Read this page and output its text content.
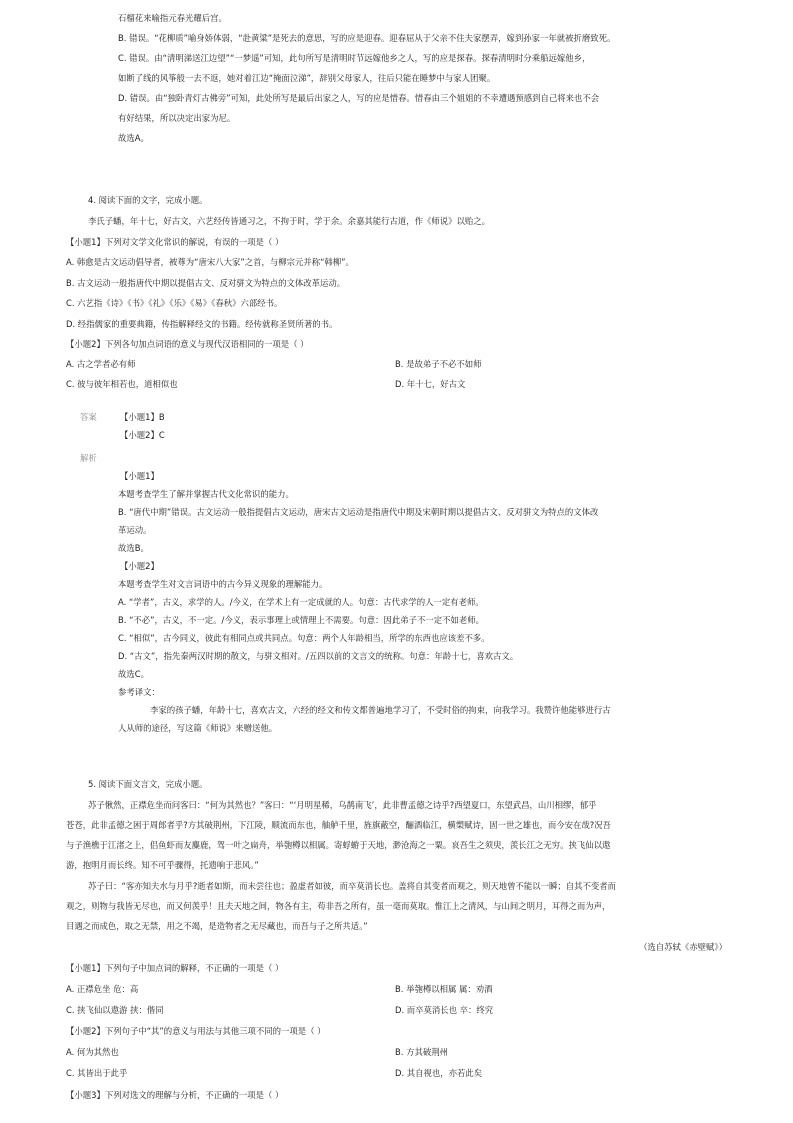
石榴花来喻指元春光耀后宫。
B. 错误。“花柳质”喻身娇体弱，“赴黄粱”是死去的意思，写的应是迎春。迎春屈从于父亲不住夫家摆弄，嫁到孙家一年就被折磨致死。
C. 错误。由“清明涕送江边望”“一梦遥”可知，此句所写是清明时节远嫁他乡之人，写的应是探春。探春清明时分乘船远嫁他乡，
如断了线的风筝般一去不返，她对着江边“掩面泣涕”，辞别父母家人，往后只能在睡梦中与家人团聚。
D. 错误。由“独卧青灯古佛旁”可知，此处所写是最后出家之人，写的应是惜春。惜春由三个姐姐的不幸遭遇预感到自己将来也不会
有好结果，所以决定出家为尼。
故选A。
4. 阅读下面的文字，完成小题。
李氏子蟠，年十七，好古文，六艺经传皆通习之，不拘于时，学于余。余嘉其能行古道，作《师说》以贻之。
【小题1】下列对文学文化常识的解说，有误的一项是（ ）
A. 韩愈是古文运动倡导者，被尊为“唐宋八大家”之首，与柳宗元并称“韩柳”。
B. 古文运动一般指唐代中期以提倡古文、反对骈文为特点的文体改革运动。
C. 六艺指《诗》《书》《礼》《乐》《易》《春秋》六部经书。
D. 经指儒家的重要典籍，传指解释经文的书籍。经传就称圣贤所著的书。
【小题2】下列各句加点词语的意义与现代汉语相同的一项是（ ）
A. 古之学者必有师	B. 是故弟子不必不如师
C. 彼与彼年相若也，道相似也	D. 年十七，好古文
答案	【小题1】B
【小题2】C
解析
【小题1】
本题考查学生了解并掌握古代文化常识的能力。
B. “唐代中期”错误。古文运动一般指提倡古文运动，唐宋古文运动是指唐代中期及宋朝时期以提倡古文、反对骈文为特点的文体改
革运动。
故选B。
【小题2】
本题考查学生对文言词语中的古今异义现象的理解能力。
A. “学者”，古义，求学的人。/今义，在学术上有一定成就的人。句意：古代求学的人一定有老师。
B. “不必”，古义，不一定。/今义，表示事理上或情理上不需要。句意：因此弟子不一定不如老师。
C. “相似”，古今同义，彼此有相同点或共同点。句意：两个人年龄相当，所学的东西也应该差不多。
D. “古文”，指先秦两汉时期的散文，与骈文相对。/五四以前的文言文的统称。句意：年龄十七，喜欢古文。
故选C。
参考译文：
李家的孩子蟠，年龄十七，喜欢古文，六经的经文和传文都普遍地学习了，不受时俗的拘束，向我学习。我赞许他能够进行古
人从师的途径，写这篇《师说》来赠送他。
5. 阅读下面文言文，完成小题。
苏子愀然，正襟危坐而问客曰：“何为其然也？”客曰：“‘月明星稀，乌鹊南飞’，此非曹孟德之诗乎?西望夏口，东望武昌，山川相缪，郁乎
苍苍，此非孟德之困于周郎者乎?方其破荆州，下江陵，顺流而东也，舳舻千里，旌旗蔽空，酾酒临江，横槊赋诗，固一世之雄也，而今安在哉?况吾
与子渔樵于江渚之上，侣鱼虾而友麋鹿，驾一叶之扁舟，举匏樽以相属。寄蜉蝣于天地，渺沧海之一粟。哀吾生之须臾，羡长江之无穷。挟飞仙以遨
游，抱明月而长终。知不可乎骤得，托遗响于悲风。”
苏子曰：“客亦知夫水与月乎?逝者如斯，而未尝往也；盈虚者如彼，而卒莫消长也。盖将自其变者而观之，则天地曾不能以一瞬；自其不变者而
观之，则物与我皆无尽也，而又何羡乎！且夫天地之间，物各有主，苟非吾之所有，虽一毫而莫取。惟江上之清风，与山间之明月，耳得之而为声，
目遇之而成色，取之无禁，用之不竭，是造物者之无尽藏也，而吾与子之所共适。”
（选自苏轼《赤壁赋》）
【小题1】下列句子中加点词的解释，不正确的一项是（ ）
A. 正襟危坐 危：高	B. 举匏樽以相属 属：劝酒
C. 挟飞仙以遨游 挟：偕同	D. 而卒莫消长也 卒：终究
【小题2】下列句子中“其”的意义与用法与其他三项不同的一项是（ ）
A. 何为其然也	B. 方其破荆州
C. 其皆出于此乎	D. 其自视也，亦若此矣
【小题3】下列对选文的理解与分析，不正确的一项是（ ）
